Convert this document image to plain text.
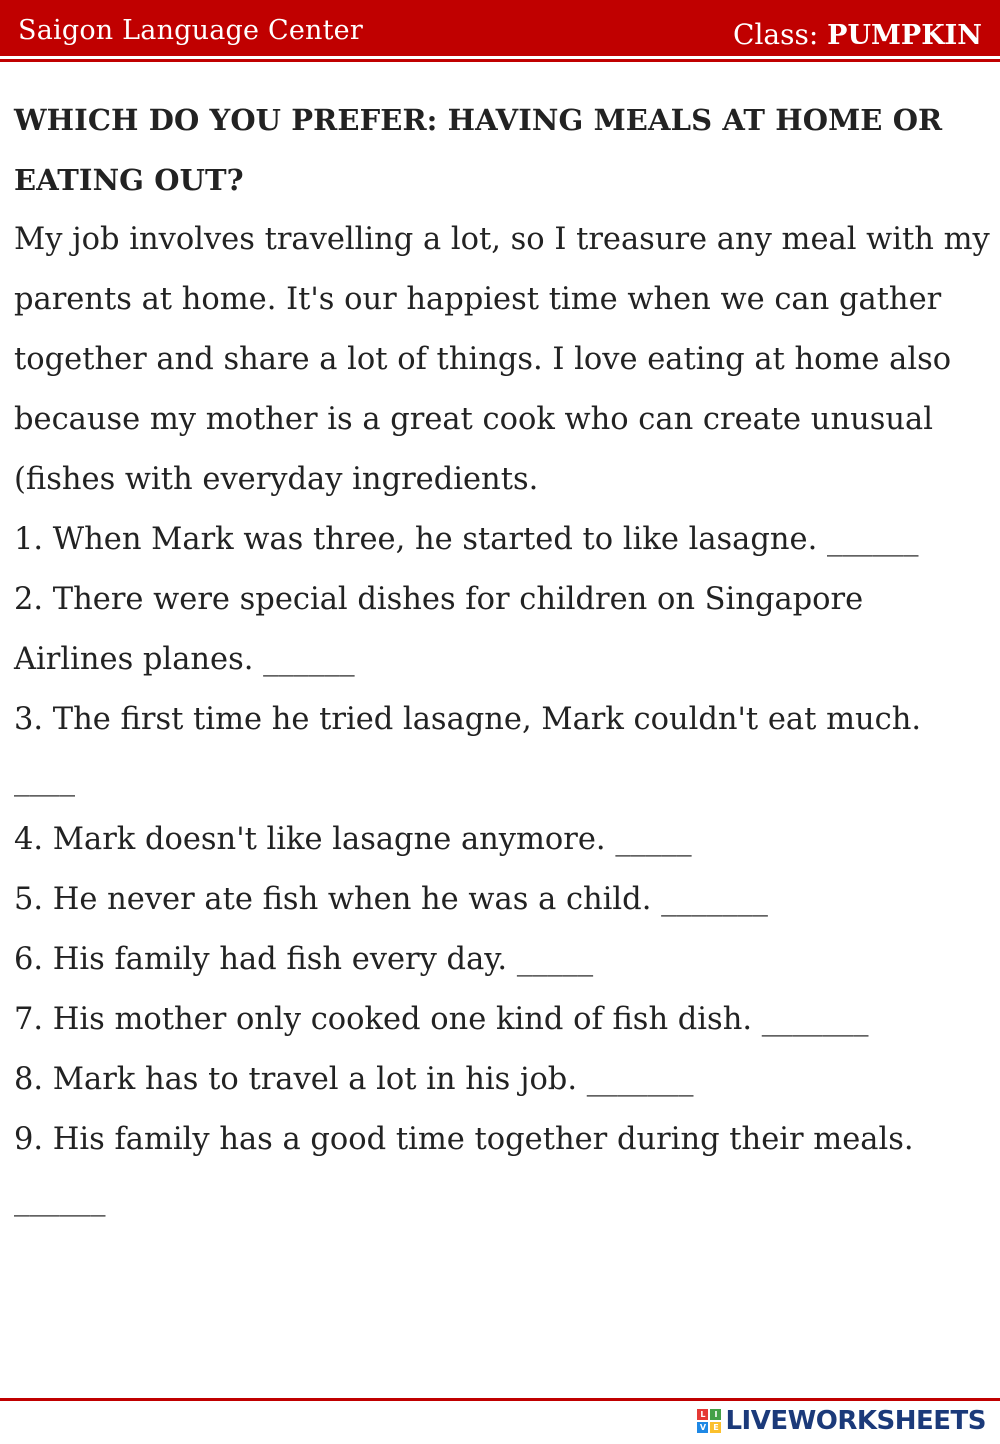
Saigon Language Center	Class: PUMPKIN
WHICH DO YOU PREFER: HAVING MEALS AT HOME OR EATING OUT?
My job involves travelling a lot, so I treasure any meal with my parents at home. It's our happiest time when we can gather together and share a lot of things. I love eating at home also because my mother is a great cook who can create unusual (fishes with everyday ingredients.
1. When Mark was three, he started to like lasagne. ______
2. There were special dishes for children on Singapore Airlines planes. ______
3. The first time he tried lasagne, Mark couldn't eat much. ____
4. Mark doesn't like lasagne anymore. _____
5. He never ate fish when he was a child. _______
6. His family had fish every day. _____
7. His mother only cooked one kind of fish dish. _______
8. Mark has to travel a lot in his job. _______
9. His family has a good time together during their meals. ______
L	I
V E LIVEWORKSHEETS
